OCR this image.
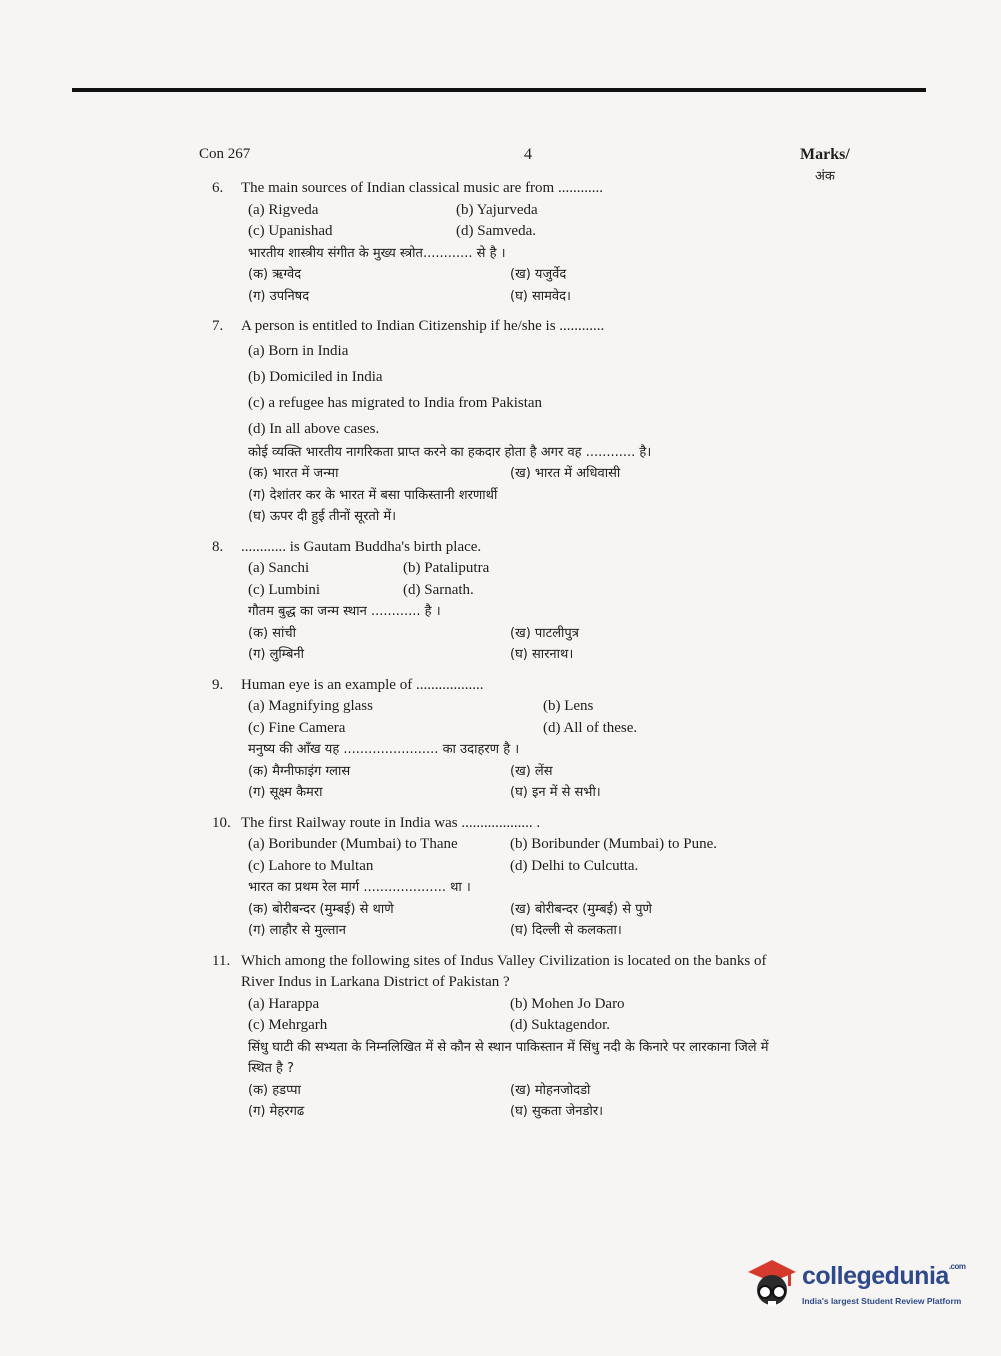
Con 267	4	Marks/
अंक
6.	The main sources of Indian classical music are from ............
(a) Rigveda	(b) Yajurveda
(c) Upanishad	(d) Samveda.
भारतीय शास्त्रीय संगीत के मुख्य स्त्रोत............ से है ।
(क) ऋग्वेद	(ख) यजुर्वेद
(ग) उपनिषद	(घ) सामवेद।
7.	A person is entitled to Indian Citizenship if he/she is ............
(a) Born in India
(b) Domiciled in India
(c) a refugee has migrated to India from Pakistan
(d) In all above cases.
कोई व्यक्ति भारतीय नागरिकता प्राप्त करने का हकदार होता है अगर वह ............ है।
(क) भारत में जन्मा	(ख) भारत में अधिवासी
(ग) देशांतर कर के भारत में बसा पाकिस्तानी शरणार्थी
(घ) ऊपर दी हुई तीनों सूरतो में।
8.	............ is Gautam Buddha's birth place.
(a) Sanchi	(b) Pataliputra
(c) Lumbini	(d) Sarnath.
गौतम बुद्ध का जन्म स्थान ............ है ।
(क) सांची	(ख) पाटलीपुत्र
(ग) लुम्बिनी	(घ) सारनाथ।
9.	Human eye is an example of ..................
(a) Magnifying glass	(b) Lens
(c) Fine Camera	(d) All of these.
मनुष्य की आँख यह ....................... का उदाहरण है ।
(क) मैग्नीफाइंग ग्लास	(ख) लेंस
(ग) सूक्ष्म कैमरा	(घ) इन में से सभी।
10. The first Railway route in India was ................... .
(a) Boribunder (Mumbai) to Thane	(b) Boribunder (Mumbai) to Pune.
(c) Lahore to Multan	(d) Delhi to Culcutta.
भारत का प्रथम रेल मार्ग .................... था ।
(क) बोरीबन्दर (मुम्बई) से थाणे	(ख) बोरीबन्दर (मुम्बई) से पुणे
(ग) लाहौर से मुल्तान	(घ) दिल्ली से कलकता।
11. Which among the following sites of Indus Valley Civilization is located on the banks of River Indus in Larkana District of Pakistan ?
(a) Harappa	(b) Mohen Jo Daro
(c) Mehrgarh	(d) Suktagendor.
सिंधु घाटी की सभ्यता के निम्नलिखित में से कौन से स्थान पाकिस्तान में सिंधु नदी के किनारे पर लारकाना जिले में स्थित है ?
(क) हडप्पा	(ख) मोहनजोदडो
(ग) मेहरगढ	(घ) सुकता जेनडोर।
collegedunia$^{.com}$
India's largest Student Review Platform
